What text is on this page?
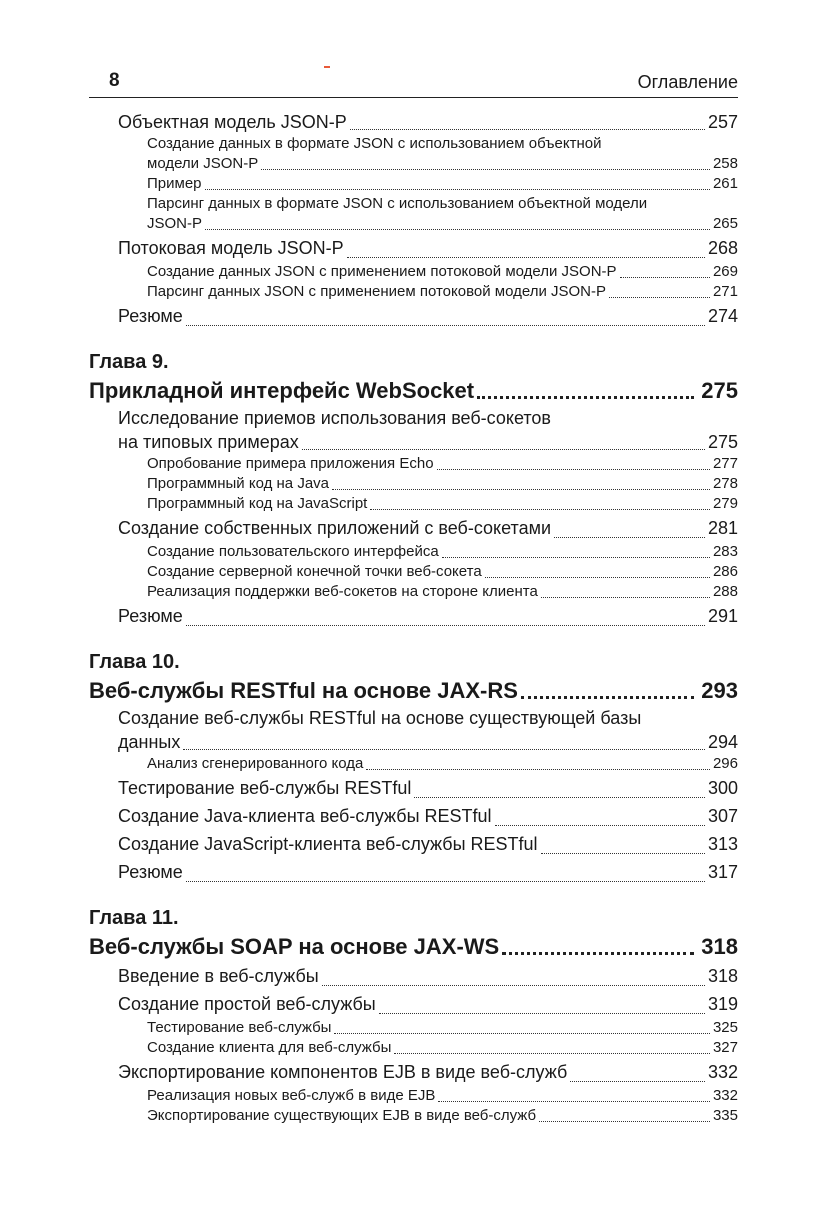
8	Оглавление
Объектная модель JSON-P	257
Создание данных в формате JSON с использованием объектной
модели JSON-P	258
Пример	261
Парсинг данных в формате JSON с использованием объектной модели
JSON-P	265
Потоковая модель JSON-P	268
Создание данных JSON с применением потоковой модели JSON-P	269
Парсинг данных JSON с применением потоковой модели JSON-P	271
Резюме	274
Глава 9.
Прикладной интерфейс WebSocket	275
Исследование приемов использования веб-сокетов
на типовых примерах	275
Опробование примера приложения Echo	277
Программный код на Java	278
Программный код на JavaScript	279
Создание собственных приложений с веб-сокетами	281
Создание пользовательского интерфейса	283
Создание серверной конечной точки веб-сокета	286
Реализация поддержки веб-сокетов на стороне клиента	288
Резюме	291
Глава 10.
Веб-службы RESTful на основе JAX-RS	293
Создание веб-службы RESTful на основе существующей базы
данных	294
Анализ сгенерированного кода	296
Тестирование веб-службы RESTful	300
Создание Java-клиента веб-службы RESTful	307
Создание JavaScript-клиента веб-службы RESTful	313
Резюме	317
Глава 11.
Веб-службы SOAP на основе JAX-WS	318
Введение в веб-службы	318
Создание простой веб-службы	319
Тестирование веб-службы	325
Создание клиента для веб-службы	327
Экспортирование компонентов EJB в виде веб-служб	332
Реализация новых веб-служб в виде EJB	332
Экспортирование существующих EJB в виде веб-служб	335
